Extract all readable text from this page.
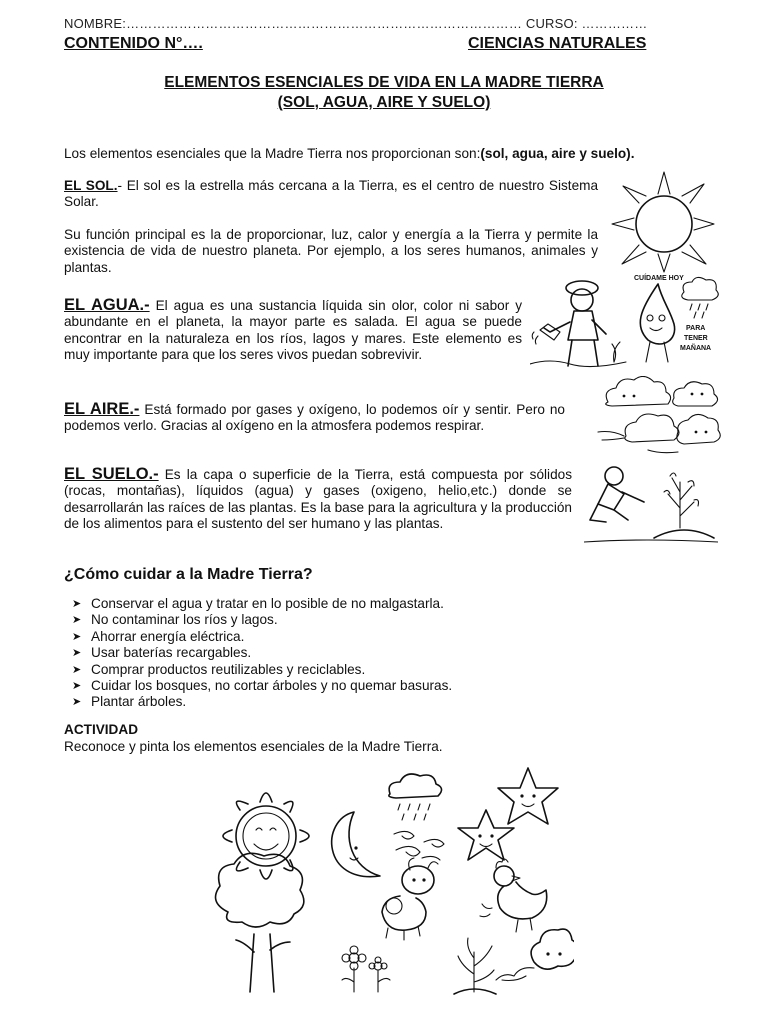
NOMBRE:……………………………………………………………………………… CURSO: ……………
CONTENIDO N°….	CIENCIAS NATURALES
ELEMENTOS ESENCIALES DE VIDA EN LA MADRE TIERRA
(SOL, AGUA, AIRE Y SUELO)
Los elementos esenciales que la Madre Tierra nos proporcionan son:(sol, agua, aire y suelo).
EL SOL.- El sol es la estrella más cercana a la Tierra, es el centro de nuestro Sistema Solar.
Su función principal es la de proporcionar, luz, calor y energía a la Tierra y permite la existencia de vida de nuestro planeta. Por ejemplo, a los seres humanos, animales y plantas.
EL AGUA.- El agua es una sustancia líquida sin olor, color ni sabor y abundante en el planeta, la mayor parte es salada. El agua se puede encontrar en la naturaleza en los ríos, lagos y mares. Este elemento es muy importante para que los seres vivos puedan sobrevivir.
EL AIRE.- Está formado por gases y oxígeno, lo podemos oír y sentir. Pero no podemos verlo. Gracias al oxígeno en la atmosfera podemos respirar.
EL SUELO.- Es la capa o superficie de la Tierra, está compuesta por sólidos (rocas, montañas), líquidos (agua) y gases (oxigeno, helio,etc.) donde se desarrollarán las raíces de las plantas. Es la base para la agricultura y la producción de los alimentos para el sustento del ser humano y las plantas.
¿Cómo cuidar a la Madre Tierra?
➤ Conservar el agua y tratar en lo posible de no malgastarla.
➤ No contaminar los ríos y lagos.
➤ Ahorrar energía eléctrica.
➤ Usar baterías recargables.
➤ Comprar productos reutilizables y reciclables.
➤ Cuidar los bosques, no cortar árboles y no quemar basuras.
➤ Plantar árboles.
ACTIVIDAD
Reconoce y pinta los elementos esenciales de la Madre Tierra.
CUÍDAME HOY
PARA
TENER
MAÑANA
